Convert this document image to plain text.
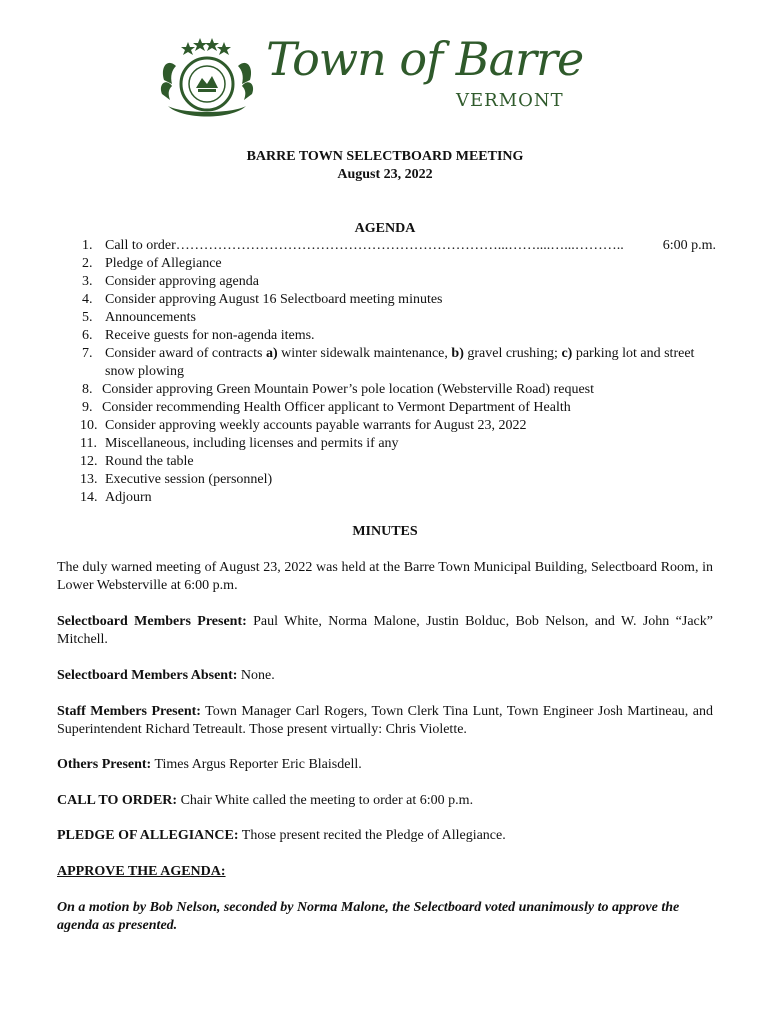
Town of Barre
VERMONT
BARRE TOWN SELECTBOARD MEETING
August 23, 2022
AGENDA
1. Call to order……………………………………………………………...……....…...………..	6:00 p.m.
2. Pledge of Allegiance
3. Consider approving agenda
4. Consider approving August 16 Selectboard meeting minutes
5. Announcements
6. Receive guests for non-agenda items.
7. Consider award of contracts a) winter sidewalk maintenance, b) gravel crushing; c) parking lot and street snow plowing
8. Consider approving Green Mountain Power’s pole location (Websterville Road) request
9. Consider recommending Health Officer applicant to Vermont Department of Health
10. Consider approving weekly accounts payable warrants for August 23, 2022
11. Miscellaneous, including licenses and permits if any
12. Round the table
13. Executive session (personnel)
14. Adjourn
MINUTES
The duly warned meeting of August 23, 2022 was held at the Barre Town Municipal Building, Selectboard Room, in Lower Websterville at 6:00 p.m.
Selectboard Members Present: Paul White, Norma Malone, Justin Bolduc, Bob Nelson, and W. John “Jack” Mitchell.
Selectboard Members Absent: None.
Staff Members Present: Town Manager Carl Rogers, Town Clerk Tina Lunt, Town Engineer Josh Martineau, and Superintendent Richard Tetreault. Those present virtually: Chris Violette.
Others Present: Times Argus Reporter Eric Blaisdell.
CALL TO ORDER: Chair White called the meeting to order at 6:00 p.m.
PLEDGE OF ALLEGIANCE: Those present recited the Pledge of Allegiance.
APPROVE THE AGENDA:
On a motion by Bob Nelson, seconded by Norma Malone, the Selectboard voted unanimously to approve the agenda as presented.
